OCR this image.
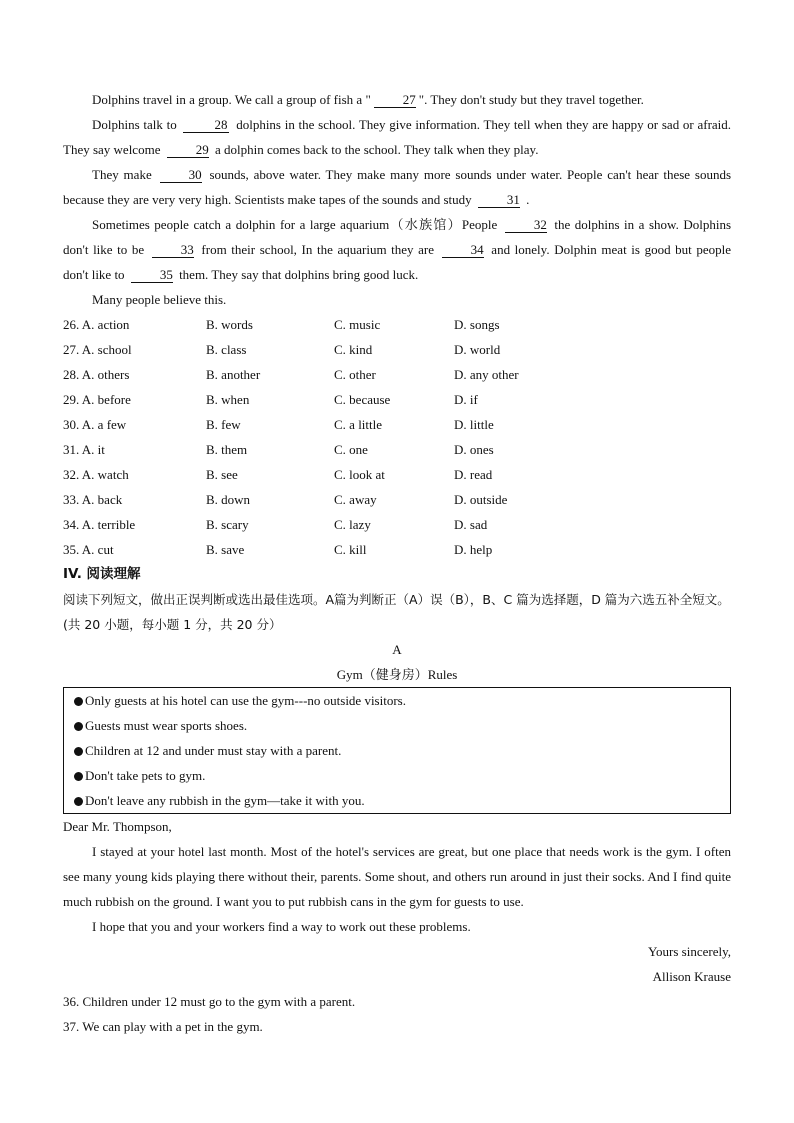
Dolphins travel in a group. We call a group of fish a " 27 ". They don't study but they travel together.

Dolphins talk to	28 dolphins in the school. They give information. They tell when they are happy or sad or afraid. They say welcome	29 a dolphin comes back to the school. They talk when they play.

They make	30 sounds, above water. They make many more sounds under water. People can't hear these sounds because they are very very high. Scientists make tapes of the sounds and study	31 .

Sometimes people catch a dolphin for a large aquarium（水族馆）People	32 the dolphins in a show. Dolphins don't like to be	33 from their school, In the aquarium they are	34 and lonely. Dolphin meat is good but people don't like to	35 them. They say that dolphins bring good luck.

Many people believe this.

26. A. action	B. words	C. music	D. songs
27. A. school	B. class	C. kind	D. world
28. A. others	B. another	C. other	D. any other
29. A. before	B. when	C. because	D. if
30. A. a few	B. few	C. a little	D. little
31. A. it	B. them	C. one	D. ones
32. A. watch	B. see	C. look at	D. read
33. A. back	B. down	C. away	D. outside
34. A. terrible	B. scary	C. lazy	D. sad
35. A. cut	B. save	C. kill	D. help

IV. 阅读理解

阅读下列短文，做出正误判断或选出最佳选项。A篇为判断正（A）误（B），B、C 篇为选择题，D 篇为六选五补全短文。(共 20 小题，每小题 1 分，共 20 分）

A

Gym（健身房）Rules

Only guests at his hotel can use the gym---no outside visitors.
Guests must wear sports shoes.
Children at 12 and under must stay with a parent.
Don't take pets to gym.
Don't leave any rubbish in the gym—take it with you.

Dear Mr. Thompson,

I stayed at your hotel last month. Most of the hotel's services are great, but one place that needs work is the gym. I often see many young kids playing there without their, parents. Some shout, and others run around in just their socks. And I find quite much rubbish on the ground. I want you to put rubbish cans in the gym for guests to use.

I hope that you and your workers find a way to work out these problems.

Yours sincerely,

Allison Krause

36. Children under 12 must go to the gym with a parent.

37. We can play with a pet in the gym.
